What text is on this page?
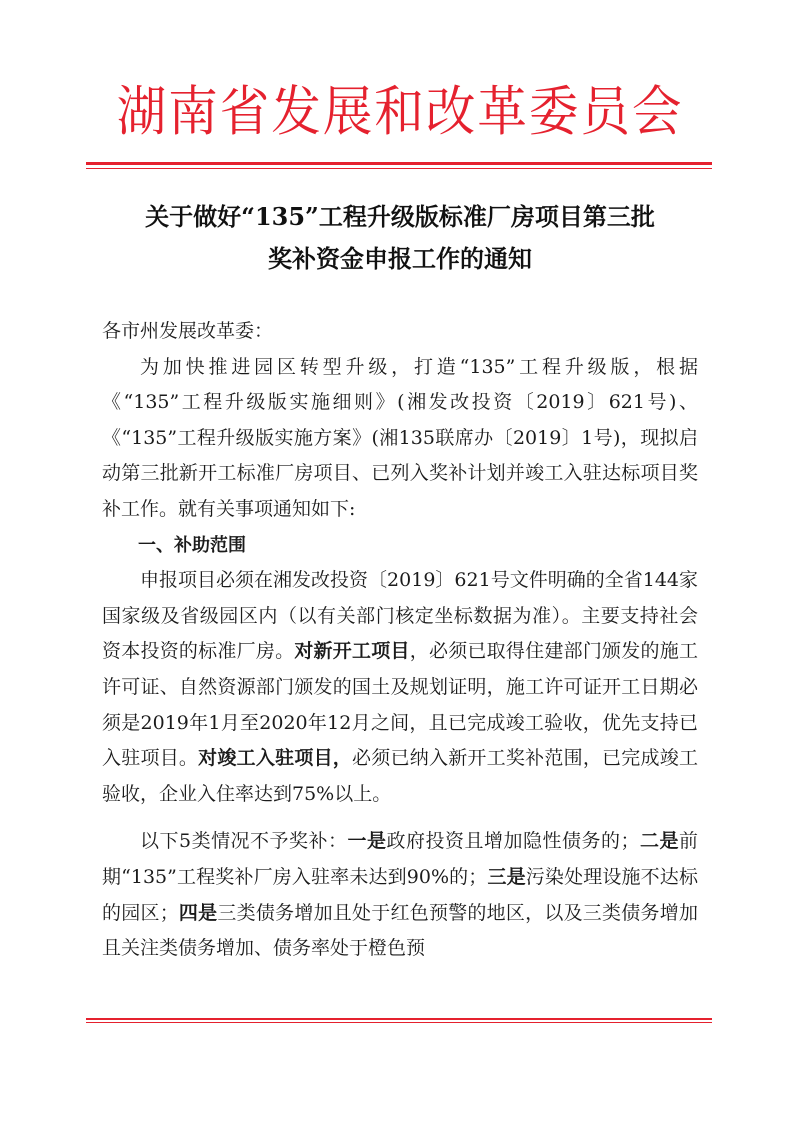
湖南省发展和改革委员会
关于做好“135”工程升级版标准厂房项目第三批
奖补资金申报工作的通知

各市州发展改革委：

为加快推进园区转型升级，打造“135”工程升级版，根据《“135”工程升级版实施细则》(湘发改投资〔2019〕621号)、《“135”工程升级版实施方案》(湘135联席办〔2019〕1号)，现拟启动第三批新开工标准厂房项目、已列入奖补计划并竣工入驻达标项目奖补工作。就有关事项通知如下:

一、补助范围

申报项目必须在湘发改投资〔2019〕621号文件明确的全省144家国家级及省级园区内（以有关部门核定坐标数据为准）。主要支持社会资本投资的标准厂房。对新开工项目，必须已取得住建部门颁发的施工许可证、自然资源部门颁发的国土及规划证明，施工许可证开工日期必须是2019年1月至2020年12月之间，且已完成竣工验收，优先支持已入驻项目。对竣工入驻项目，必须已纳入新开工奖补范围，已完成竣工验收，企业入住率达到75%以上。

以下5类情况不予奖补：一是政府投资且增加隐性债务的；二是前期“135”工程奖补厂房入驻率未达到90%的；三是污染处理设施不达标的园区；四是三类债务增加且处于红色预警的地区，以及三类债务增加且关注类债务增加、债务率处于橙色预
